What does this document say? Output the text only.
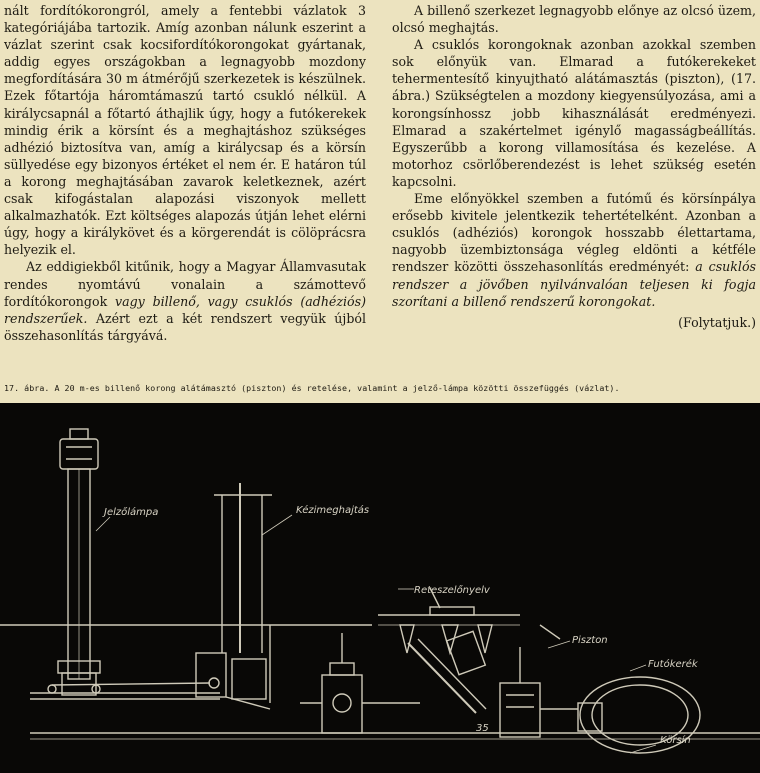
nált fordítókorongról, amely a fentebbi vázlatok 3 kategóriájába tartozik. Amíg azonban nálunk eszerint a vázlat szerint csak kocsifordítókorongokat gyártanak, addig egyes országokban a legnagyobb mozdony megfordítására 30 m átmérőjű szerkezetek is készülnek. Ezek főtartója háromtámaszú tartó csukló nélkül. A királycsapnál a főtartó áthajlik úgy, hogy a futókerekek mindig érik a körsínt és a meghajtáshoz szükséges adhézió biztosítva van, amíg a királycsap és a körsín süllyedése egy bizonyos értéket el nem ér. E határon túl a korong meghajtásában zavarok keletkeznek, azért csak kifogástalan alapozási viszonyok mellett alkalmazhatók. Ezt költséges alapozás útján lehet elérni úgy, hogy a királykövet és a körgerendát is cölöprácsra helyezik el.

Az eddigiekből kitűnik, hogy a Magyar Államvasutak rendes nyomtávú vonalain a számottevő fordítókorongok vagy billenő, vagy csuklós (adhéziós) rendszerűek. Azért ezt a két rendszert vegyük újból összehasonlítás tárgyává.

A billenő szerkezet legnagyobb előnye az olcsó üzem, olcsó meghajtás.

A csuklós korongoknak azonban azokkal szemben sok előnyük van. Elmarad a futókerekeket tehermentesítő kinyujtható alátámasztás (piszton), (17. ábra.) Szükségtelen a mozdony kiegyensúlyozása, ami a korongsínhossz jobb kihasználását eredményezi. Elmarad a szakértelmet igénylő magasságbeállítás. Egyszerűbb a korong villamosítása és kezelése. A motorhoz csörlőberendezést is lehet szükség esetén kapcsolni.

Eme előnyökkel szemben a futómű és körsínpálya erősebb kivitele jelentkezik tehertételként. Azonban a csuklós (adhéziós) korongok hosszabb élettartama, nagyobb üzembiztonsága végleg eldönti a kétféle rendszer közötti összehasonlítás eredményét: a csuklós rendszer a jövőben nyilvánvalóan teljesen ki fogja szorítani a billenő rendszerű korongokat.

(Folytatjuk.)

17. ábra. A 20 m-es billenő korong alátámasztó (piszton) és retelése, valamint a jelző-lámpa közötti összefüggés (vázlat).
Jelzőlámpa	Kézimeghajtás
Reteszelőnyelv
Piszton
Futókerék
Körsín
35
